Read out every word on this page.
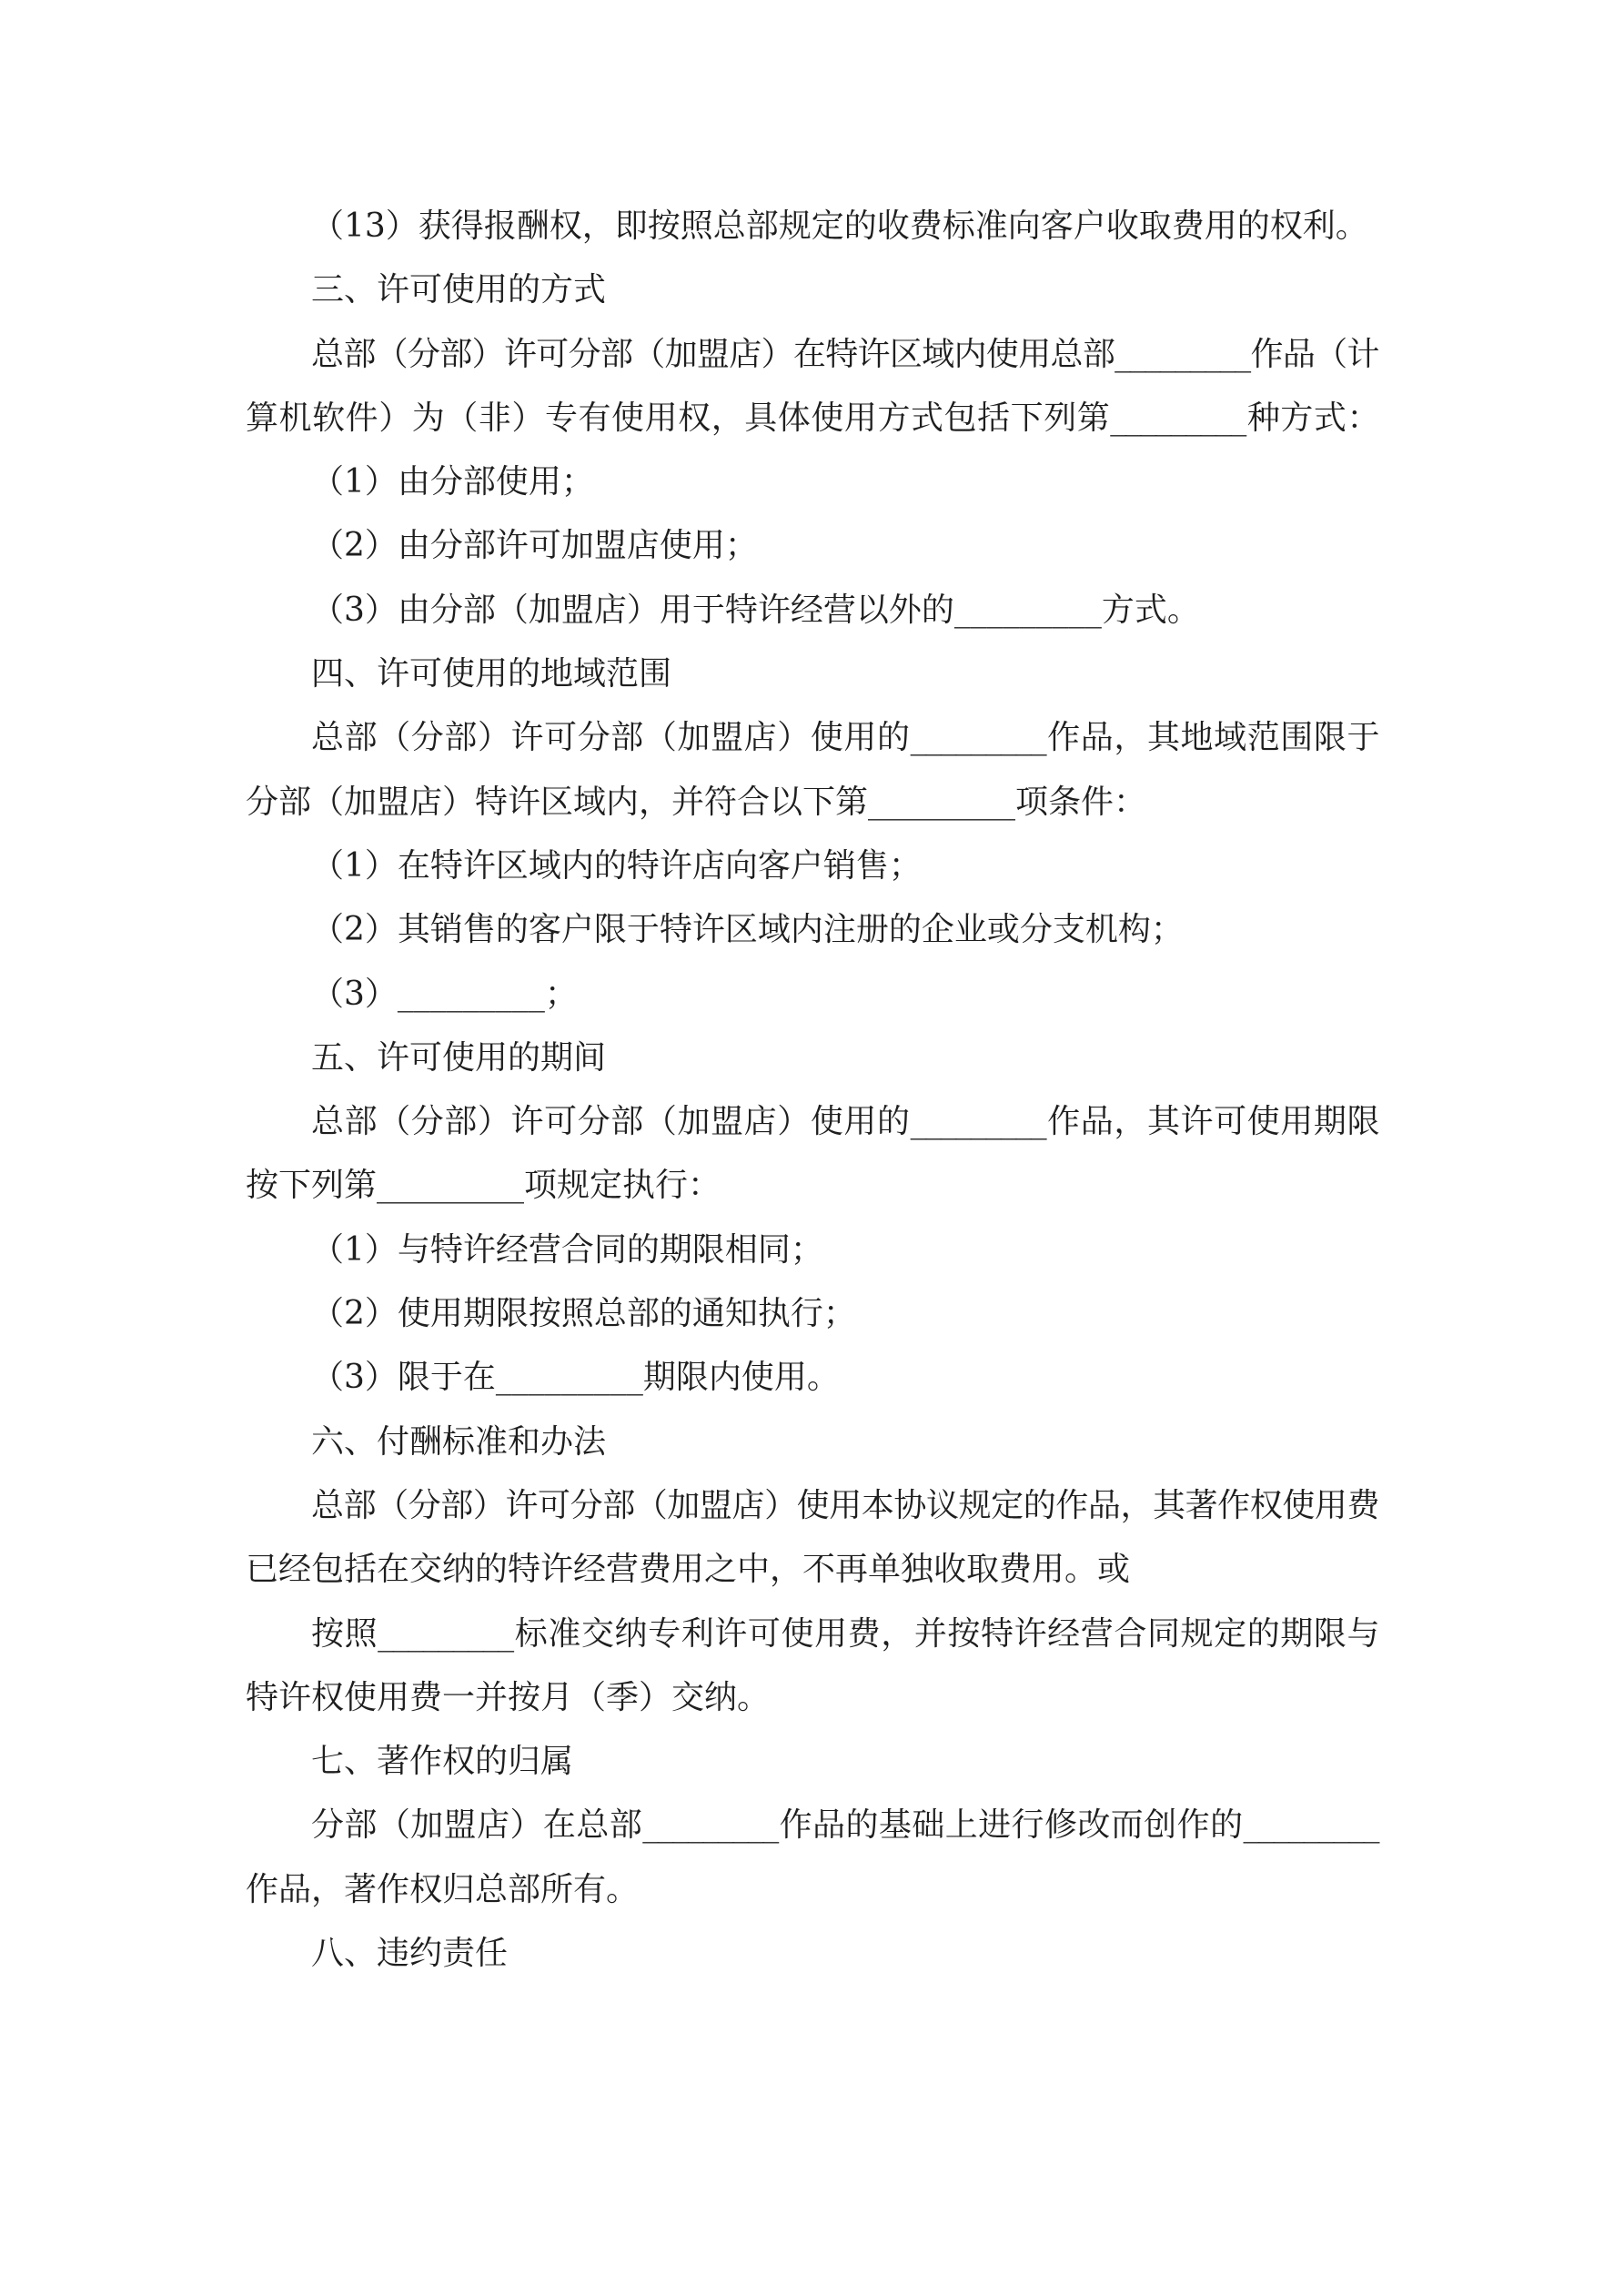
（13）获得报酬权，即按照总部规定的收费标准向客户收取费用的权利。

三、许可使用的方式

总部（分部）许可分部（加盟店）在特许区域内使用总部_________作品（计

算机软件）为（非）专有使用权，具体使用方式包括下列第_________种方式：

（1）由分部使用；

（2）由分部许可加盟店使用；

（3）由分部（加盟店）用于特许经营以外的_________方式。

四、许可使用的地域范围

总部（分部）许可分部（加盟店）使用的_________作品，其地域范围限于

分部（加盟店）特许区域内，并符合以下第_________项条件：

（1）在特许区域内的特许店向客户销售；

（2）其销售的客户限于特许区域内注册的企业或分支机构；

（3）_________；

五、许可使用的期间

总部（分部）许可分部（加盟店）使用的_________作品，其许可使用期限

按下列第_________项规定执行：

（1）与特许经营合同的期限相同；

（2）使用期限按照总部的通知执行；

（3）限于在_________期限内使用。

六、付酬标准和办法

总部（分部）许可分部（加盟店）使用本协议规定的作品，其著作权使用费

已经包括在交纳的特许经营费用之中，不再单独收取费用。或

按照_________标准交纳专利许可使用费，并按特许经营合同规定的期限与

特许权使用费一并按月（季）交纳。

七、著作权的归属

分部（加盟店）在总部_________作品的基础上进行修改而创作的_________

作品，著作权归总部所有。

八、违约责任
